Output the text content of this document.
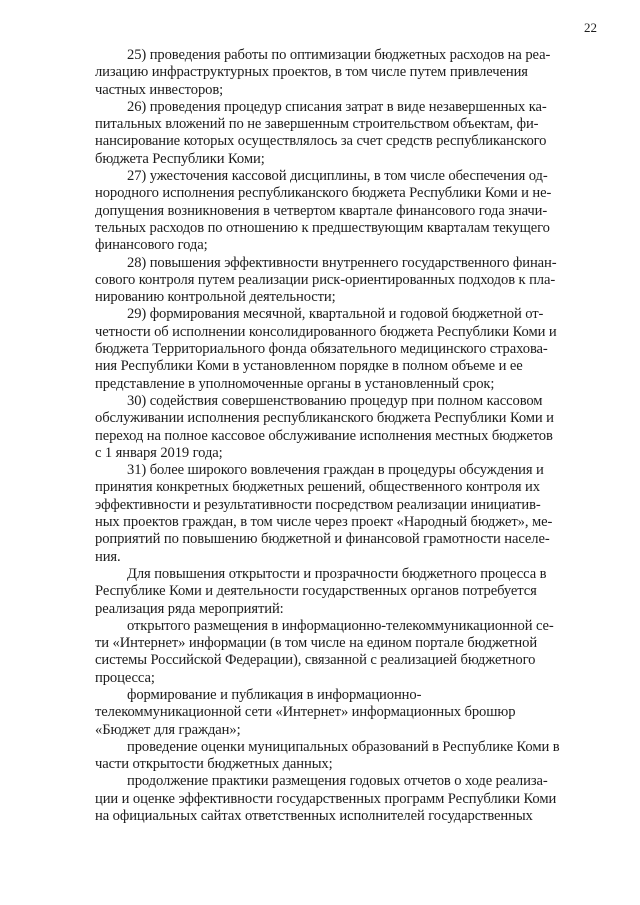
22

25) проведения работы по оптимизации бюджетных расходов на реа-
лизацию инфраструктурных проектов, в том числе путем привлечения
частных инвесторов;

26) проведения процедур списания затрат в виде незавершенных ка-
питальных вложений по не завершенным строительством объектам, фи-
нансирование которых осуществлялось за счет средств республиканского
бюджета Республики Коми;

27) ужесточения кассовой дисциплины, в том числе обеспечения од-
нородного исполнения республиканского бюджета Республики Коми и не-
допущения возникновения в четвертом квартале финансового года значи-
тельных расходов по отношению к предшествующим кварталам текущего
финансового года;

28) повышения эффективности внутреннего государственного финан-
сового контроля путем реализации риск-ориентированных подходов к пла-
нированию контрольной деятельности;

29) формирования месячной, квартальной и годовой бюджетной от-
четности об исполнении консолидированного бюджета Республики Коми и
бюджета Территориального фонда обязательного медицинского страхова-
ния Республики Коми в установленном порядке в полном объеме и ее
представление в уполномоченные органы в установленный срок;

30) содействия совершенствованию процедур при полном кассовом
обслуживании исполнения республиканского бюджета Республики Коми и
переход на полное кассовое обслуживание исполнения местных бюджетов
с 1 января 2019 года;

31) более широкого вовлечения граждан в процедуры обсуждения и
принятия конкретных бюджетных решений, общественного контроля их
эффективности и результативности посредством реализации инициатив-
ных проектов граждан, в том числе через проект «Народный бюджет», ме-
роприятий по повышению бюджетной и финансовой грамотности населе-
ния.

Для повышения открытости и прозрачности бюджетного процесса в
Республике Коми и деятельности государственных органов потребуется
реализация ряда мероприятий:

открытого размещения в информационно-телекоммуникационной се-
ти «Интернет» информации (в том числе на едином портале бюджетной
системы Российской Федерации), связанной с реализацией бюджетного
процесса;

формирование и публикация в информационно-
телекоммуникационной сети «Интернет» информационных брошюр
«Бюджет для граждан»;

проведение оценки муниципальных образований в Республике Коми в
части открытости бюджетных данных;

продолжение практики размещения годовых отчетов о ходе реализа-
ции и оценке эффективности государственных программ Республики Коми
на официальных сайтах ответственных исполнителей государственных
